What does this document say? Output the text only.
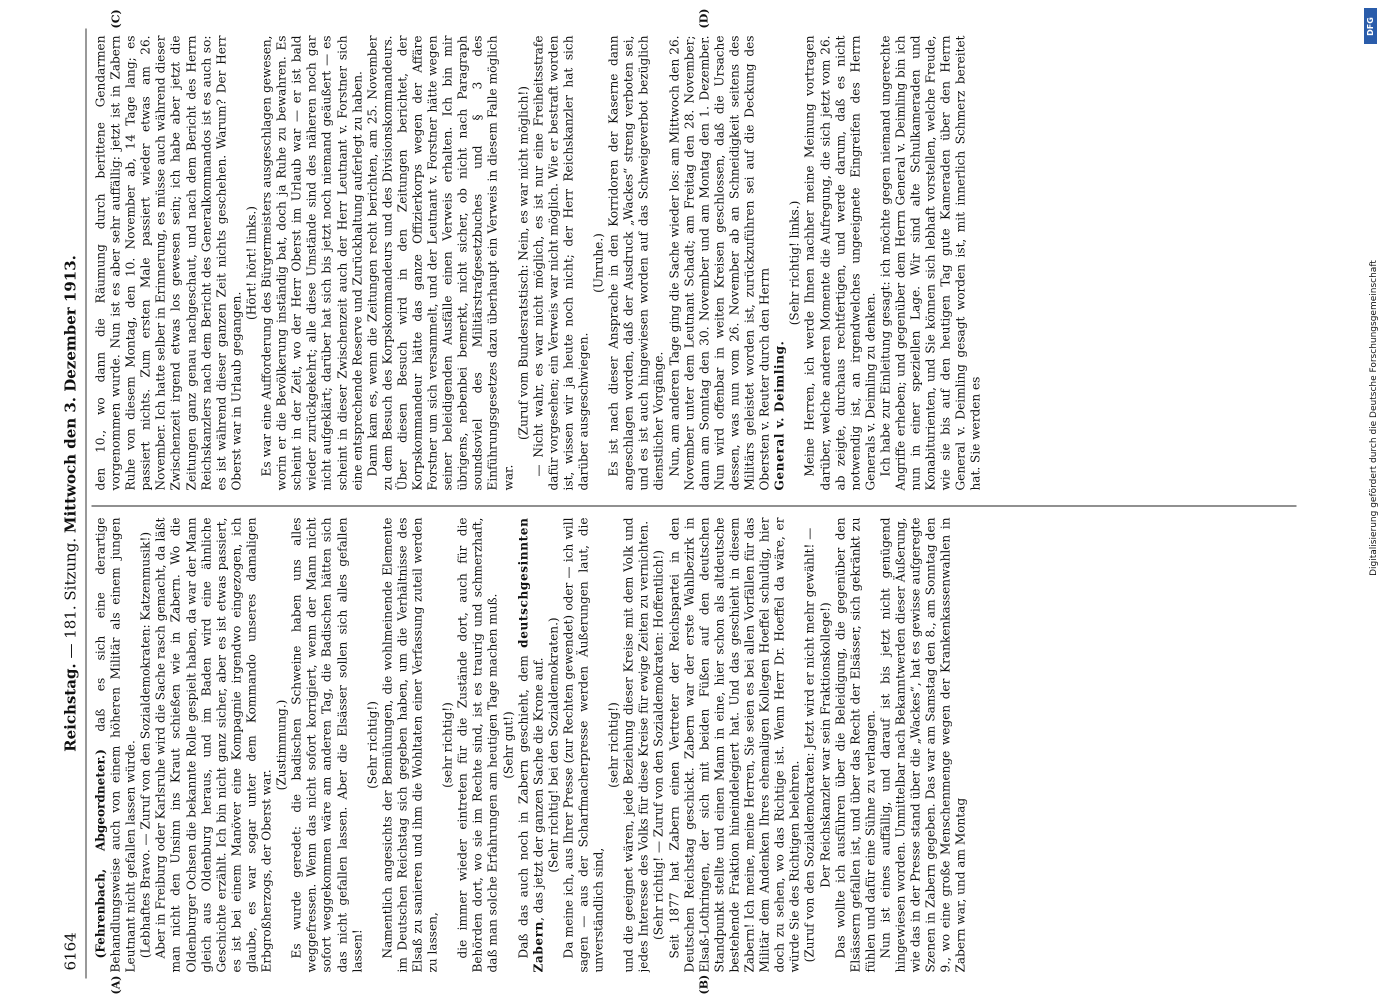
6164
Reichstag. — 181. Sitzung. Mittwoch den 3. Dezember 1913.
(A)	(B)
(C)	(D)

(Fehrenbach, Abgeordneter.) daß es sich eine derartige Behandlungsweise auch von einem höheren Militär als einem jungen Leutnant nicht gefallen lassen würde. (Lebhaftes Bravo. — Zuruf von den Sozialdemokraten: Katzenmusik!) Aber in Freiburg oder Karlsruhe wird die Sache rasch gemacht, da läßt man nicht den Unsinn ins Kraut schießen wie in Zabern. Wo die Oldenburger Ochsen die bekannte Rolle gespielt haben, da war der Mann gleich aus Oldenburg heraus, und im Baden wird eine ähnliche Geschichte erzählt. Ich bin nicht ganz sicher, aber es ist etwas passiert, es ist bei einem Manöver eine Kompagnie irgendwo eingezogen, ich glaube, es war sogar unter dem Kommando unseres damaligen Erbgroßherzogs, der Oberst war.

(Zustimmung.) Es wurde geredet: die badischen Schweine haben uns alles weggefressen. Wenn das nicht sofort korrigiert, wenn der Mann nicht sofort weggekommen wäre am anderen Tag, die Badischen hätten sich das nicht gefallen lassen. Aber die Elsässer sollen sich alles gefallen lassen!

(Sehr richtig!) Namentlich angesichts der Bemühungen, die wohlmeinende Elemente im Deutschen Reichstag sich gegeben haben, um die Verhältnisse des Elsaß zu sanieren und ihm die Wohltaten einer Verfassung zuteil werden zu lassen,

(sehr richtig!) die immer wieder eintreten für die Zustände dort, auch für die Behörden dort, wo sie im Rechte sind, ist es traurig und schmerzhaft, daß man solche Erfahrungen am heutigen Tage machen muß. (Sehr gut!) Daß das auch noch in Zabern geschieht, dem deutschgesinnten Zabern, das jetzt der ganzen Sache die Krone auf. (Sehr richtig! bei den Sozialdemokraten.) Da meine ich, aus Ihrer Presse (zur Rechten gewendet) oder — ich will sagen — aus der Scharfmacherpresse werden Äußerungen laut, die unverständlich sind,

(sehr richtig!) und die geeignet wären, jede Beziehung dieser Kreise mit dem Volk und jedes Interesse des Volks für diese Kreise für ewige Zeiten zu vernichten. (Sehr richtig! — Zuruf von den Sozialdemokraten: Hoffentlich!) Seit 1877 hat Zabern einen Vertreter der Reichspartei in den Deutschen Reichstag geschickt. Zabern war der erste Wahlbezirk in Elsaß-Lothringen, der sich mit beiden Füßen auf den deutschen Standpunkt stellte und einen Mann in eine, hier schon als altdeutsche bestehende Fraktion hineindelegiert hat. Und das geschieht in diesem Zabern! Ich meine, meine Herren, Sie seien es bei allen Vorfällen für das Militär dem Andenken Ihres ehemaligen Kollegen Hoeffel schuldig, hier doch zu sehen, wo das Richtige ist. Wenn Herr Dr. Hoeffel da wäre, er würde Sie des Richtigen belehren. (Zuruf von den Sozialdemokraten: Jetzt wird er nicht mehr gewählt! — Der Reichskanzler war sein Fraktionskollege!) Das wollte ich ausführen über die Beleidigung, die gegenüber den Elsässern gefallen ist, und über das Recht der Elsässer, sich gekränkt zu fühlen und dafür eine Sühne zu verlangen. Nun ist eines auffällig, und darauf ist bis jetzt nicht genügend hingewiesen worden. Unmittelbar nach Bekanntwerden dieser Äußerung, wie das in der Presse stand über die „Wackes“, hat es gewisse aufgeregte Szenen in Zabern gegeben. Das war am Samstag den 8., am Sonntag den 9., wo eine große Menschenmenge wegen der Krankenkassenwahlen in Zabern war, und am Montag

den 10., wo dann die Räumung durch berittene Gendarmen vorgenommen wurde. Nun ist es aber sehr auffällig: jetzt ist in Zabern Ruhe von diesem Montag, den 10. November ab, 14 Tage lang; es passiert nichts. Zum ersten Male passiert wieder etwas am 26. November. Ich hatte selber in Erinnerung, es müsse auch während dieser Zwischenzeit irgend etwas los gewesen sein; ich habe aber jetzt die Zeitungen ganz genau nachgeschaut, und nach dem Bericht des Herrn Reichskanzlers nach dem Bericht des Generalkommandos ist es auch so: es ist während dieser ganzen Zeit nichts geschehen. Warum? Der Herr Oberst war in Urlaub gegangen.

(Hört! hört! links.) Es war eine Aufforderung des Bürgermeisters ausgeschlagen gewesen, worin er die Bevölkerung inständig bat, doch ja Ruhe zu bewahren. Es scheint in der Zeit, wo der Herr Oberst im Urlaub war — er ist bald wieder zurückgekehrt; alle diese Umstände sind des näheren noch gar nicht aufgeklärt; darüber hat sich bis jetzt noch niemand geäußert — es scheint in dieser Zwischenzeit auch der Herr Leutnant v. Forstner sich eine entsprechende Reserve und Zurückhaltung auferlegt zu haben. Dann kam es, wenn die Zeitungen recht berichten, am 25. November zu dem Besuch des Korpskommandeurs und des Divisionskommandeurs. Über diesen Besuch wird in den Zeitungen berichtet, der Korpskommandeur hätte das ganze Offizierkorps wegen der Affäre Forstner um sich versammelt, und der Leutnant v. Forstner hätte wegen seiner beleidigenden Ausfälle einen Verweis erhalten. Ich bin mir übrigens, nebenbei bemerkt, nicht sicher, ob nicht nach Paragraph soundsoviel des Militärstrafgesetzbuches und § 3 des Einführungsgesetzes dazu überhaupt ein Verweis in diesem Falle möglich war.

(Zuruf vom Bundesratstisch: Nein, es war nicht möglich!) — Nicht wahr, es war nicht möglich, es ist nur eine Freiheitsstrafe dafür vorgesehen; ein Verweis war nicht möglich. Wie er bestraft worden ist, wissen wir ja heute noch nicht; der Herr Reichskanzler hat sich darüber ausgeschwiegen.

(Unruhe.) Es ist nach dieser Ansprache in den Korridoren der Kaserne dann angeschlagen worden, daß der Ausdruck „Wackes“ streng verboten sei, und es ist auch hingewiesen worden auf das Schweigeverbot bezüglich dienstlicher Vorgänge. Nun, am anderen Tage ging die Sache wieder los: am Mittwoch den 26. November unter dem Leutnant Schadt; am Freitag den 28. November; dann am Sonntag den 30. November und am Montag den 1. Dezember. Nun wird offenbar in weiten Kreisen geschlossen, daß die Ursache dessen, was nun vom 26. November ab an Schneidigkeit seitens des Militärs geleistet worden ist, zurückzuführen sei auf die Deckung des Obersten v. Reuter durch den Herrn General v. Deimling.

(Sehr richtig! links.) Meine Herren, ich werde Ihnen nachher meine Meinung vortragen darüber, welche anderen Momente die Aufregung, die sich jetzt vom 26. ab zeigte, durchaus rechtfertigen, und werde darum, daß es nicht notwendig ist, an irgendwelches ungeeignete Eingreifen des Herrn Generals v. Deimling zu denken. Ich habe zur Einleitung gesagt: ich möchte gegen niemand ungerechte Angriffe erheben; und gegenüber dem Herrn General v. Deimling bin ich nun in einer speziellen Lage. Wir sind alte Schulkameraden und Konabiturienten, und Sie können sich lebhaft vorstellen, welche Freude, wie sie bis auf den heutigen Tag gute Kameraden über den Herrn General v. Deimling gesagt worden ist, mit innerlich Schmerz bereitet hat. Sie werden es

DFG
Digitalisierung gefördert durch die Deutsche Forschungsgemeinschaft
